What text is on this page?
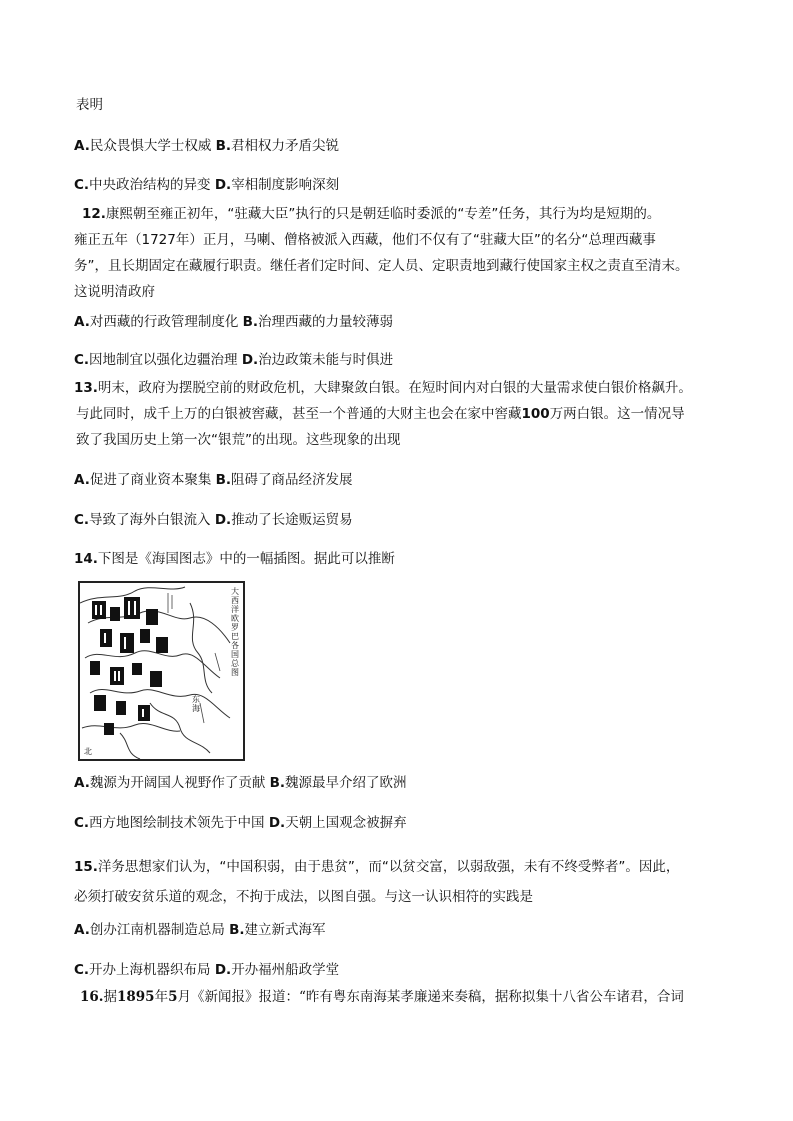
表明
A.民众畏惧大学士权威 B.君相权力矛盾尖锐
C.中央政治结构的异变 D.宰相制度影响深刻
12.康熙朝至雍正初年，“驻藏大臣”执行的只是朝廷临时委派的“专差”任务，其行为均是短期的。
雍正五年（1727年）正月，马喇、僧格被派入西藏，他们不仅有了“驻藏大臣”的名分“总理西藏事
务”，且长期固定在藏履行职责。继任者们定时间、定人员、定职责地到藏行使国家主权之责直至清末。
这说明清政府
A.对西藏的行政管理制度化 B.治理西藏的力量较薄弱
C.因地制宜以强化边疆治理 D.治边政策未能与时俱进
13.明末，政府为摆脱空前的财政危机，大肆聚敛白银。在短时间内对白银的大量需求使白银价格飙升。
与此同时，成千上万的白银被窖藏，甚至一个普通的大财主也会在家中窖藏100万两白银。这一情况导
致了我国历史上第一次“银荒”的出现。这些现象的出现
A.促进了商业资本聚集 B.阻碍了商品经济发展
C.导致了海外白银流入 D.推动了长途贩运贸易
14.下图是《海国图志》中的一幅插图。据此可以推断
大西洋欧罗巴各国总图
东海
北
A.魏源为开阔国人视野作了贡献 B.魏源最早介绍了欧洲
C.西方地图绘制技术领先于中国 D.天朝上国观念被摒弃
15.洋务思想家们认为，“中国积弱，由于患贫”，而“以贫交富，以弱敌强，未有不终受弊者”。因此，
必须打破安贫乐道的观念，不拘于成法，以图自强。与这一认识相符的实践是
A.创办江南机器制造总局 B.建立新式海军
C.开办上海机器织布局 D.开办福州船政学堂
16.据1895年5月《新闻报》报道：“昨有粤东南海某孝廉递来奏稿，据称拟集十八省公车诸君，合词
